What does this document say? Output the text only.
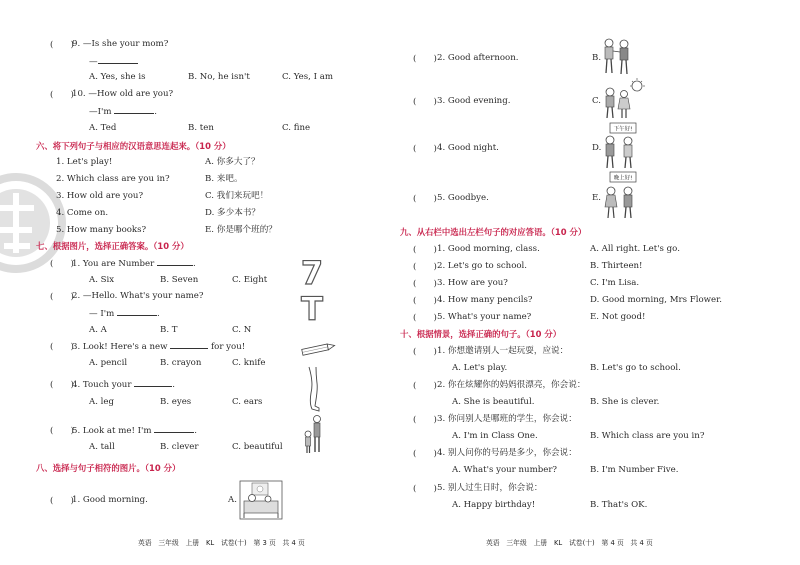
(　　)
9. —Is she your mom?
—
A. Yes, she is	B. No, he isn't	C. Yes, I am
(　　)
10. —How old are you?
—I'm	.
A. Ted	B. ten	C. fine
六、将下列句子与相应的汉语意思连起来。（10 分）
1. Let's play!	A. 你多大了？
2. Which class are you in?	B. 来吧。
3. How old are you?	C. 我们来玩吧！
4. Come on.	D. 多少本书？
5. How many books?	E. 你是哪个班的？
七、根据图片，选择正确答案。（10 分）
(　　)
1. You are Number	.
A. Six	B. Seven	C. Eight
(　　)
2. —Hello. What's your name?
— I'm	.
A. A	B. T	C. N
(　　)
3. Look! Here's a new	for you!
A. pencil	B. crayon	C. knife
(　　)
4. Touch your	.
A. leg	B. eyes	C. ears
(　　)
5. Look at me! I'm	.
A. tall	B. clever	C. beautiful
7
T
八、选择与句子相符的图片。（10 分）
(　　)
1. Good morning.	A.
英语　三年级　上册　KL　试卷(十)　第 3 页　共 4 页
(　　) 2. Good afternoon.	B.
(　　) 3. Good evening.	C.
(　　) 4. Good night.	D.
下午好!
(　　) 5. Goodbye.	E.
晚上好!
九、从右栏中选出左栏句子的对应答语。（10 分）
(　　) 1. Good morning, class.	A. All right. Let's go.
(　　) 2. Let's go to school.	B. Thirteen!
(　　) 3. How are you?	C. I'm Lisa.
(　　) 4. How many pencils?	D. Good morning, Mrs Flower.
(　　) 5. What's your name?	E. Not good!
十、根据情景，选择正确的句子。（10 分）
(　　) 1. 你想邀请别人一起玩耍，应说：
A. Let's play.	B. Let's go to school.
(　　) 2. 你在炫耀你的妈妈很漂亮，你会说：
A. She is beautiful.	B. She is clever.
(　　) 3. 你问别人是哪班的学生，你会说：
A. I'm in Class One.	B. Which class are you in?
(　　) 4. 别人问你的号码是多少，你会说：
A. What's your number?	B. I'm Number Five.
(　　) 5. 别人过生日时，你会说：
A. Happy birthday!	B. That's OK.
英语　三年级　上册　KL　试卷(十)　第 4 页　共 4 页
